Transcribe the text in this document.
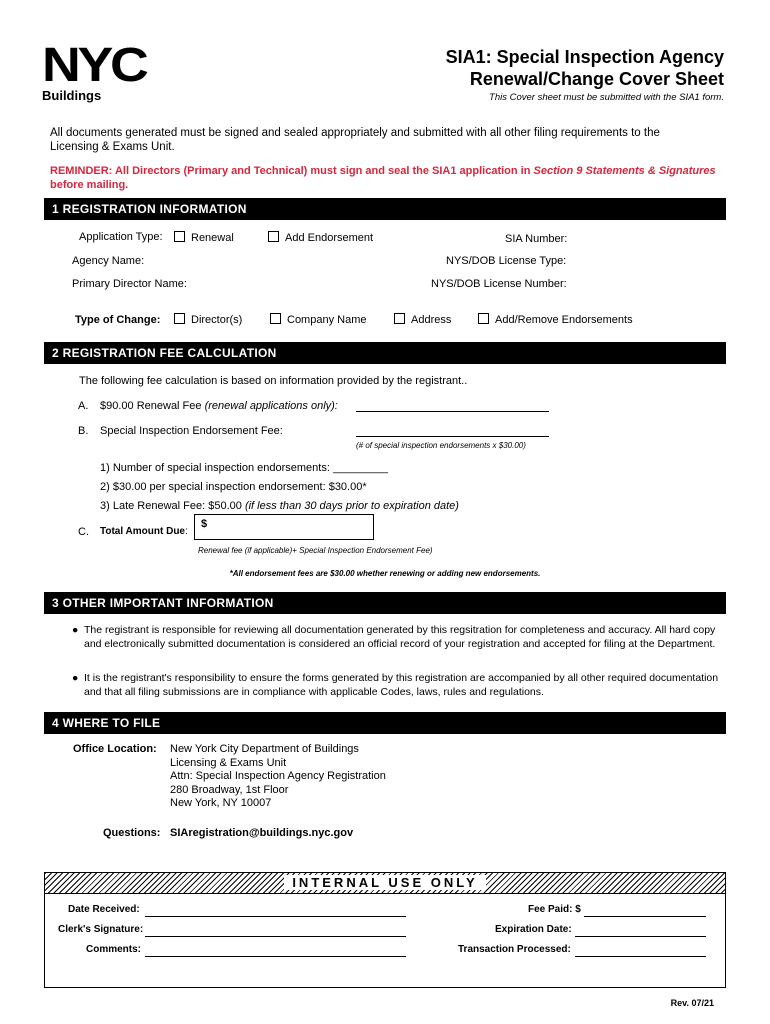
NYC
Buildings
SIA1: Special Inspection Agency
Renewal/Change Cover Sheet
This Cover sheet must be submitted with the SIA1 form.
All documents generated must be signed and sealed appropriately and submitted with all other filing requirements to the Licensing & Exams Unit.
REMINDER: All Directors (Primary and Technical) must sign and seal the SIA1 application in Section 9 Statements & Signatures before mailing.
1 REGISTRATION INFORMATION
Application Type:	Renewal	Add Endorsement	SIA Number:
Agency Name:	NYS/DOB License Type:
Primary Director Name:	NYS/DOB License Number:
Type of Change:	Director(s)	Company Name	Address	Add/Remove Endorsements
2 REGISTRATION FEE CALCULATION
The following fee calculation is based on information provided by the registrant..
A. $90.00 Renewal Fee (renewal applications only):
B. Special Inspection Endorsement Fee:
(# of special inspection endorsements x $30.00)
1) Number of special inspection endorsements: _________
2) $30.00 per special inspection endorsement: $30.00*
3) Late Renewal Fee: $50.00 (if less than 30 days prior to expiration date)
C. Total Amount Due:
$
Renewal fee (if applicable)+ Special Inspection Endorsement Fee)
*All endorsement fees are $30.00 whether renewing or adding new endorsements.
3 OTHER IMPORTANT INFORMATION
● The registrant is responsible for reviewing all documentation generated by this regsitration for completeness and accuracy. All hard copy and electronically submitted documentation is considered an official record of your registration and accepted for filing at the Department.
● It is the registrant's responsibility to ensure the forms generated by this registration are accompanied by all other required documentation and that all filing submissions are in compliance with applicable Codes, laws, rules and regulations.
4 WHERE TO FILE
Office Location: New York City Department of Buildings
Licensing & Exams Unit
Attn: Special Inspection Agency Registration
280 Broadway, 1st Floor
New York, NY 10007
Questions: SIAregistration@buildings.nyc.gov
INTERNAL USE ONLY
Date Received:	Fee Paid: $
Clerk's Signature:	Expiration Date:
Comments:	Transaction Processed:
Rev. 07/21
